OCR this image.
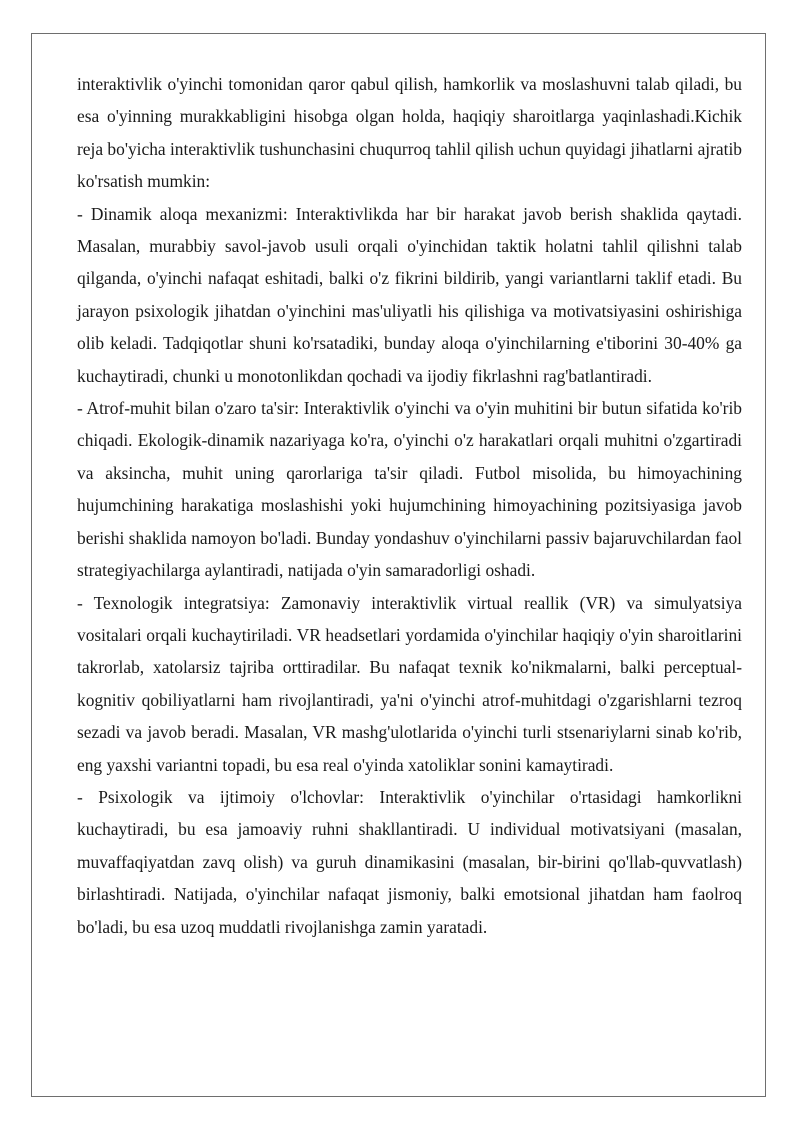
interaktivlik o'yinchi tomonidan qaror qabul qilish, hamkorlik va moslashuvni talab qiladi, bu esa o'yinning murakkabligini hisobga olgan holda, haqiqiy sharoitlarga yaqinlashadi.Kichik reja bo'yicha interaktivlik tushunchasini chuqurroq tahlil qilish uchun quyidagi jihatlarni ajratib ko'rsatish mumkin:

- Dinamik aloqa mexanizmi: Interaktivlikda har bir harakat javob berish shaklida qaytadi. Masalan, murabbiy savol-javob usuli orqali o'yinchidan taktik holatni tahlil qilishni talab qilganda, o'yinchi nafaqat eshitadi, balki o'z fikrini bildirib, yangi variantlarni taklif etadi. Bu jarayon psixologik jihatdan o'yinchini mas'uliyatli his qilishiga va motivatsiyasini oshirishiga olib keladi. Tadqiqotlar shuni ko'rsatadiki, bunday aloqa o'yinchilarning e'tiborini 30-40% ga kuchaytiradi, chunki u monotonlikdan qochadi va ijodiy fikrlashni rag'batlantiradi.

- Atrof-muhit bilan o'zaro ta'sir: Interaktivlik o'yinchi va o'yin muhitini bir butun sifatida ko'rib chiqadi. Ekologik-dinamik nazariyaga ko'ra, o'yinchi o'z harakatlari orqali muhitni o'zgartiradi va aksincha, muhit uning qarorlariga ta'sir qiladi. Futbol misolida, bu himoyachining hujumchining harakatiga moslashishi yoki hujumchining himoyachining pozitsiyasiga javob berishi shaklida namoyon bo'ladi. Bunday yondashuv o'yinchilarni passiv bajaruvchilardan faol strategiyachilarga aylantiradi, natijada o'yin samaradorligi oshadi.

- Texnologik integratsiya: Zamonaviy interaktivlik virtual reallik (VR) va simulyatsiya vositalari orqali kuchaytiriladi. VR headsetlari yordamida o'yinchilar haqiqiy o'yin sharoitlarini takrorlab, xatolarsiz tajriba orttiradilar. Bu nafaqat texnik ko'nikmalarni, balki perceptual-kognitiv qobiliyatlarni ham rivojlantiradi, ya'ni o'yinchi atrof-muhitdagi o'zgarishlarni tezroq sezadi va javob beradi. Masalan, VR mashg'ulotlarida o'yinchi turli stsenariylarni sinab ko'rib, eng yaxshi variantni topadi, bu esa real o'yinda xatoliklar sonini kamaytiradi.

- Psixologik va ijtimoiy o'lchovlar: Interaktivlik o'yinchilar o'rtasidagi hamkorlikni kuchaytiradi, bu esa jamoaviy ruhni shakllantiradi. U individual motivatsiyani (masalan, muvaffaqiyatdan zavq olish) va guruh dinamikasini (masalan, bir-birini qo'llab-quvvatlash) birlashtiradi. Natijada, o'yinchilar nafaqat jismoniy, balki emotsional jihatdan ham faolroq bo'ladi, bu esa uzoq muddatli rivojlanishga zamin yaratadi.
